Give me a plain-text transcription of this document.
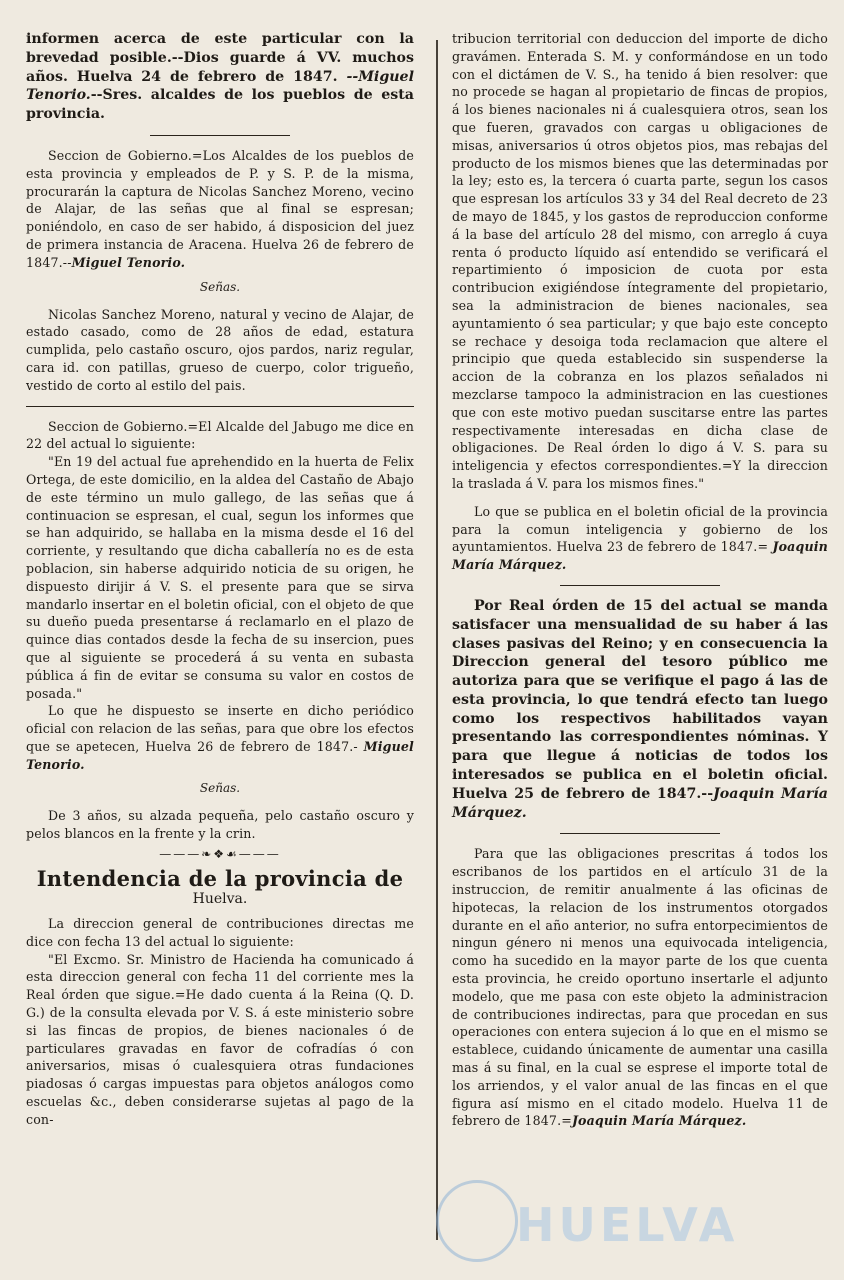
informen acerca de este particular con la brevedad posible.--Dios guarde á VV. muchos años. Huelva 24 de febrero de 1847. --Miguel Tenorio.--Sres. alcaldes de los pueblos de esta provincia.

Seccion de Gobierno.=Los Alcaldes de los pueblos de esta provincia y empleados de P. y S. P. de la misma, procurarán la captura de Nicolas Sanchez Moreno, vecino de Alajar, de las señas que al final se espresan; poniéndolo, en caso de ser habido, á disposicion del juez de primera instancia de Aracena. Huelva 26 de febrero de 1847.--Miguel Tenorio.

Señas.

Nicolas Sanchez Moreno, natural y vecino de Alajar, de estado casado, como de 28 años de edad, estatura cumplida, pelo castaño oscuro, ojos pardos, nariz regular, cara id. con patillas, grueso de cuerpo, color trigueño, vestido de corto al estilo del pais.

Seccion de Gobierno.=El Alcalde del Jabugo me dice en 22 del actual lo siguiente:

"En 19 del actual fue aprehendido en la huerta de Felix Ortega, de este domicilio, en la aldea del Castaño de Abajo de este término un mulo gallego, de las señas que á continuacion se espresan, el cual, segun los informes que se han adquirido, se hallaba en la misma desde el 16 del corriente, y resultando que dicha caballería no es de esta poblacion, sin haberse adquirido noticia de su origen, he dispuesto dirijir á V. S. el presente para que se sirva mandarlo insertar en el boletin oficial, con el objeto de que su dueño pueda presentarse á reclamarlo en el plazo de quince dias contados desde la fecha de su insercion, pues que al siguiente se procederá á su venta en subasta pública á fin de evitar se consuma su valor en costos de posada."

Lo que he dispuesto se inserte en dicho periódico oficial con relacion de las señas, para que obre los efectos que se apetecen, Huelva 26 de febrero de 1847.- Miguel Tenorio.

Señas.

De 3 años, su alzada pequeña, pelo castaño oscuro y pelos blancos en la frente y la crin.

———❧❖☙———
Intendencia de la provincia de
Huelva.

La direccion general de contribuciones directas me dice con fecha 13 del actual lo siguiente:

"El Excmo. Sr. Ministro de Hacienda ha comunicado á esta direccion general con fecha 11 del corriente mes la Real órden que sigue.=He dado cuenta á la Reina (Q. D. G.) de la consulta elevada por V. S. á este ministerio sobre si las fincas de propios, de bienes nacionales ó de particulares gravadas en favor de cofradías ó con aniversarios, misas ó cualesquiera otras fundaciones piadosas ó cargas impuestas para objetos análogos como escuelas &c., deben considerarse sujetas al pago de la con-

tribucion territorial con deduccion del importe de dicho gravámen. Enterada S. M. y conformándose en un todo con el dictámen de V. S., ha tenido á bien resolver: que no procede se hagan al propietario de fincas de propios, á los bienes nacionales ni á cualesquiera otros, sean los que fueren, gravados con cargas u obligaciones de misas, aniversarios ú otros objetos pios, mas rebajas del producto de los mismos bienes que las determinadas por la ley; esto es, la tercera ó cuarta parte, segun los casos que espresan los artículos 33 y 34 del Real decreto de 23 de mayo de 1845, y los gastos de reproduccion conforme á la base del artículo 28 del mismo, con arreglo á cuya renta ó producto líquido así entendido se verificará el repartimiento ó imposicion de cuota por esta contribucion exigiéndose íntegramente del propietario, sea la administracion de bienes nacionales, sea ayuntamiento ó sea particular; y que bajo este concepto se rechace y desoiga toda reclamacion que altere el principio que queda establecido sin suspenderse la accion de la cobranza en los plazos señalados ni mezclarse tampoco la administracion en las cuestiones que con este motivo puedan suscitarse entre las partes respectivamente interesadas en dicha clase de obligaciones. De Real órden lo digo á V. S. para su inteligencia y efectos correspondientes.=Y la direccion la traslada á V. para los mismos fines."

Lo que se publica en el boletin oficial de la provincia para la comun inteligencia y gobierno de los ayuntamientos. Huelva 23 de febrero de 1847.= Joaquin María Márquez.

Por Real órden de 15 del actual se manda satisfacer una mensualidad de su haber á las clases pasivas del Reino; y en consecuencia la Direccion general del tesoro público me autoriza para que se verifique el pago á las de esta provincia, lo que tendrá efecto tan luego como los respectivos habilitados vayan presentando las correspondientes nóminas. Y para que llegue á noticias de todos los interesados se publica en el boletin oficial. Huelva 25 de febrero de 1847.--Joaquin María Márquez.

Para que las obligaciones prescritas á todos los escribanos de los partidos en el artículo 31 de la instruccion, de remitir anualmente á las oficinas de hipotecas, la relacion de los instrumentos otorgados durante en el año anterior, no sufra entorpecimientos de ningun género ni menos una equivocada inteligencia, como ha sucedido en la mayor parte de los que cuenta esta provincia, he creido oportuno insertarle el adjunto modelo, que me pasa con este objeto la administracion de contribuciones indirectas, para que procedan en sus operaciones con entera sujecion á lo que en el mismo se establece, cuidando únicamente de aumentar una casilla mas á su final, en la cual se esprese el importe total de los arriendos, y el valor anual de las fincas en el que figura así mismo en el citado modelo. Huelva 11 de febrero de 1847.=Joaquin María Márquez.

HUELVA
